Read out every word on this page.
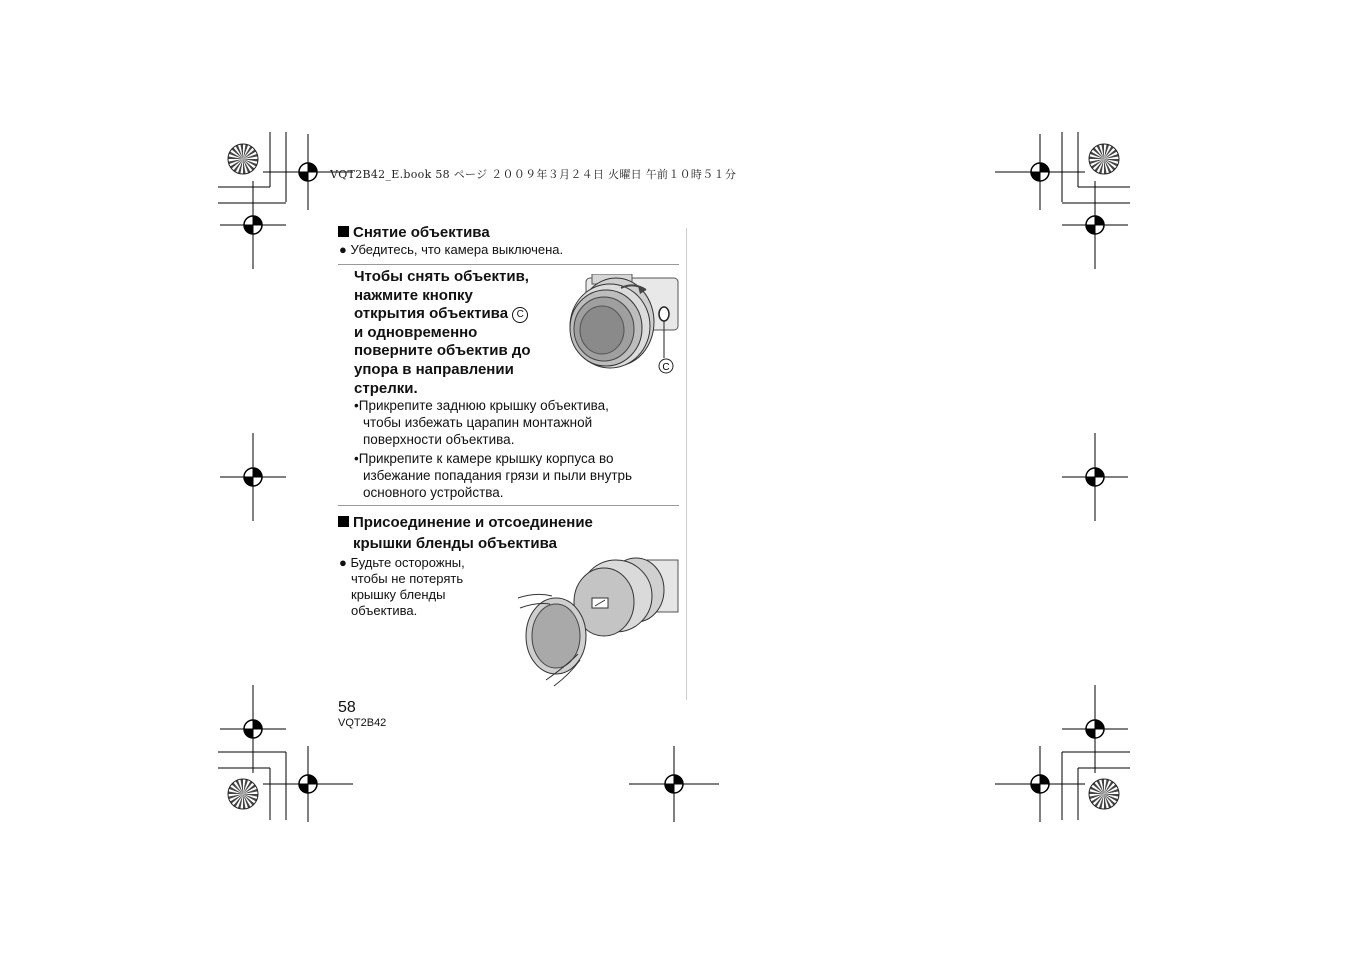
VQT2B42_E.book 58 ページ ２００９年３月２４日 火曜日 午前１０時５１分
Снятие объектива
● Убедитесь, что камера выключена.
Чтобы снять объектив,
нажмите кнопку
открытия объектива C
и одновременно
поверните объектив до
упора в направлении
стрелки.
C
•Прикрепите заднюю крышку объектива,
чтобы избежать царапин монтажной
поверхности объектива.
•Прикрепите к камере крышку корпуса во
избежание попадания грязи и пыли внутрь
основного устройства.
Присоединение и отсоединение
крышки бленды объектива
● Будьте осторожны,
чтобы не потерять
крышку бленды
объектива.
58
VQT2B42
